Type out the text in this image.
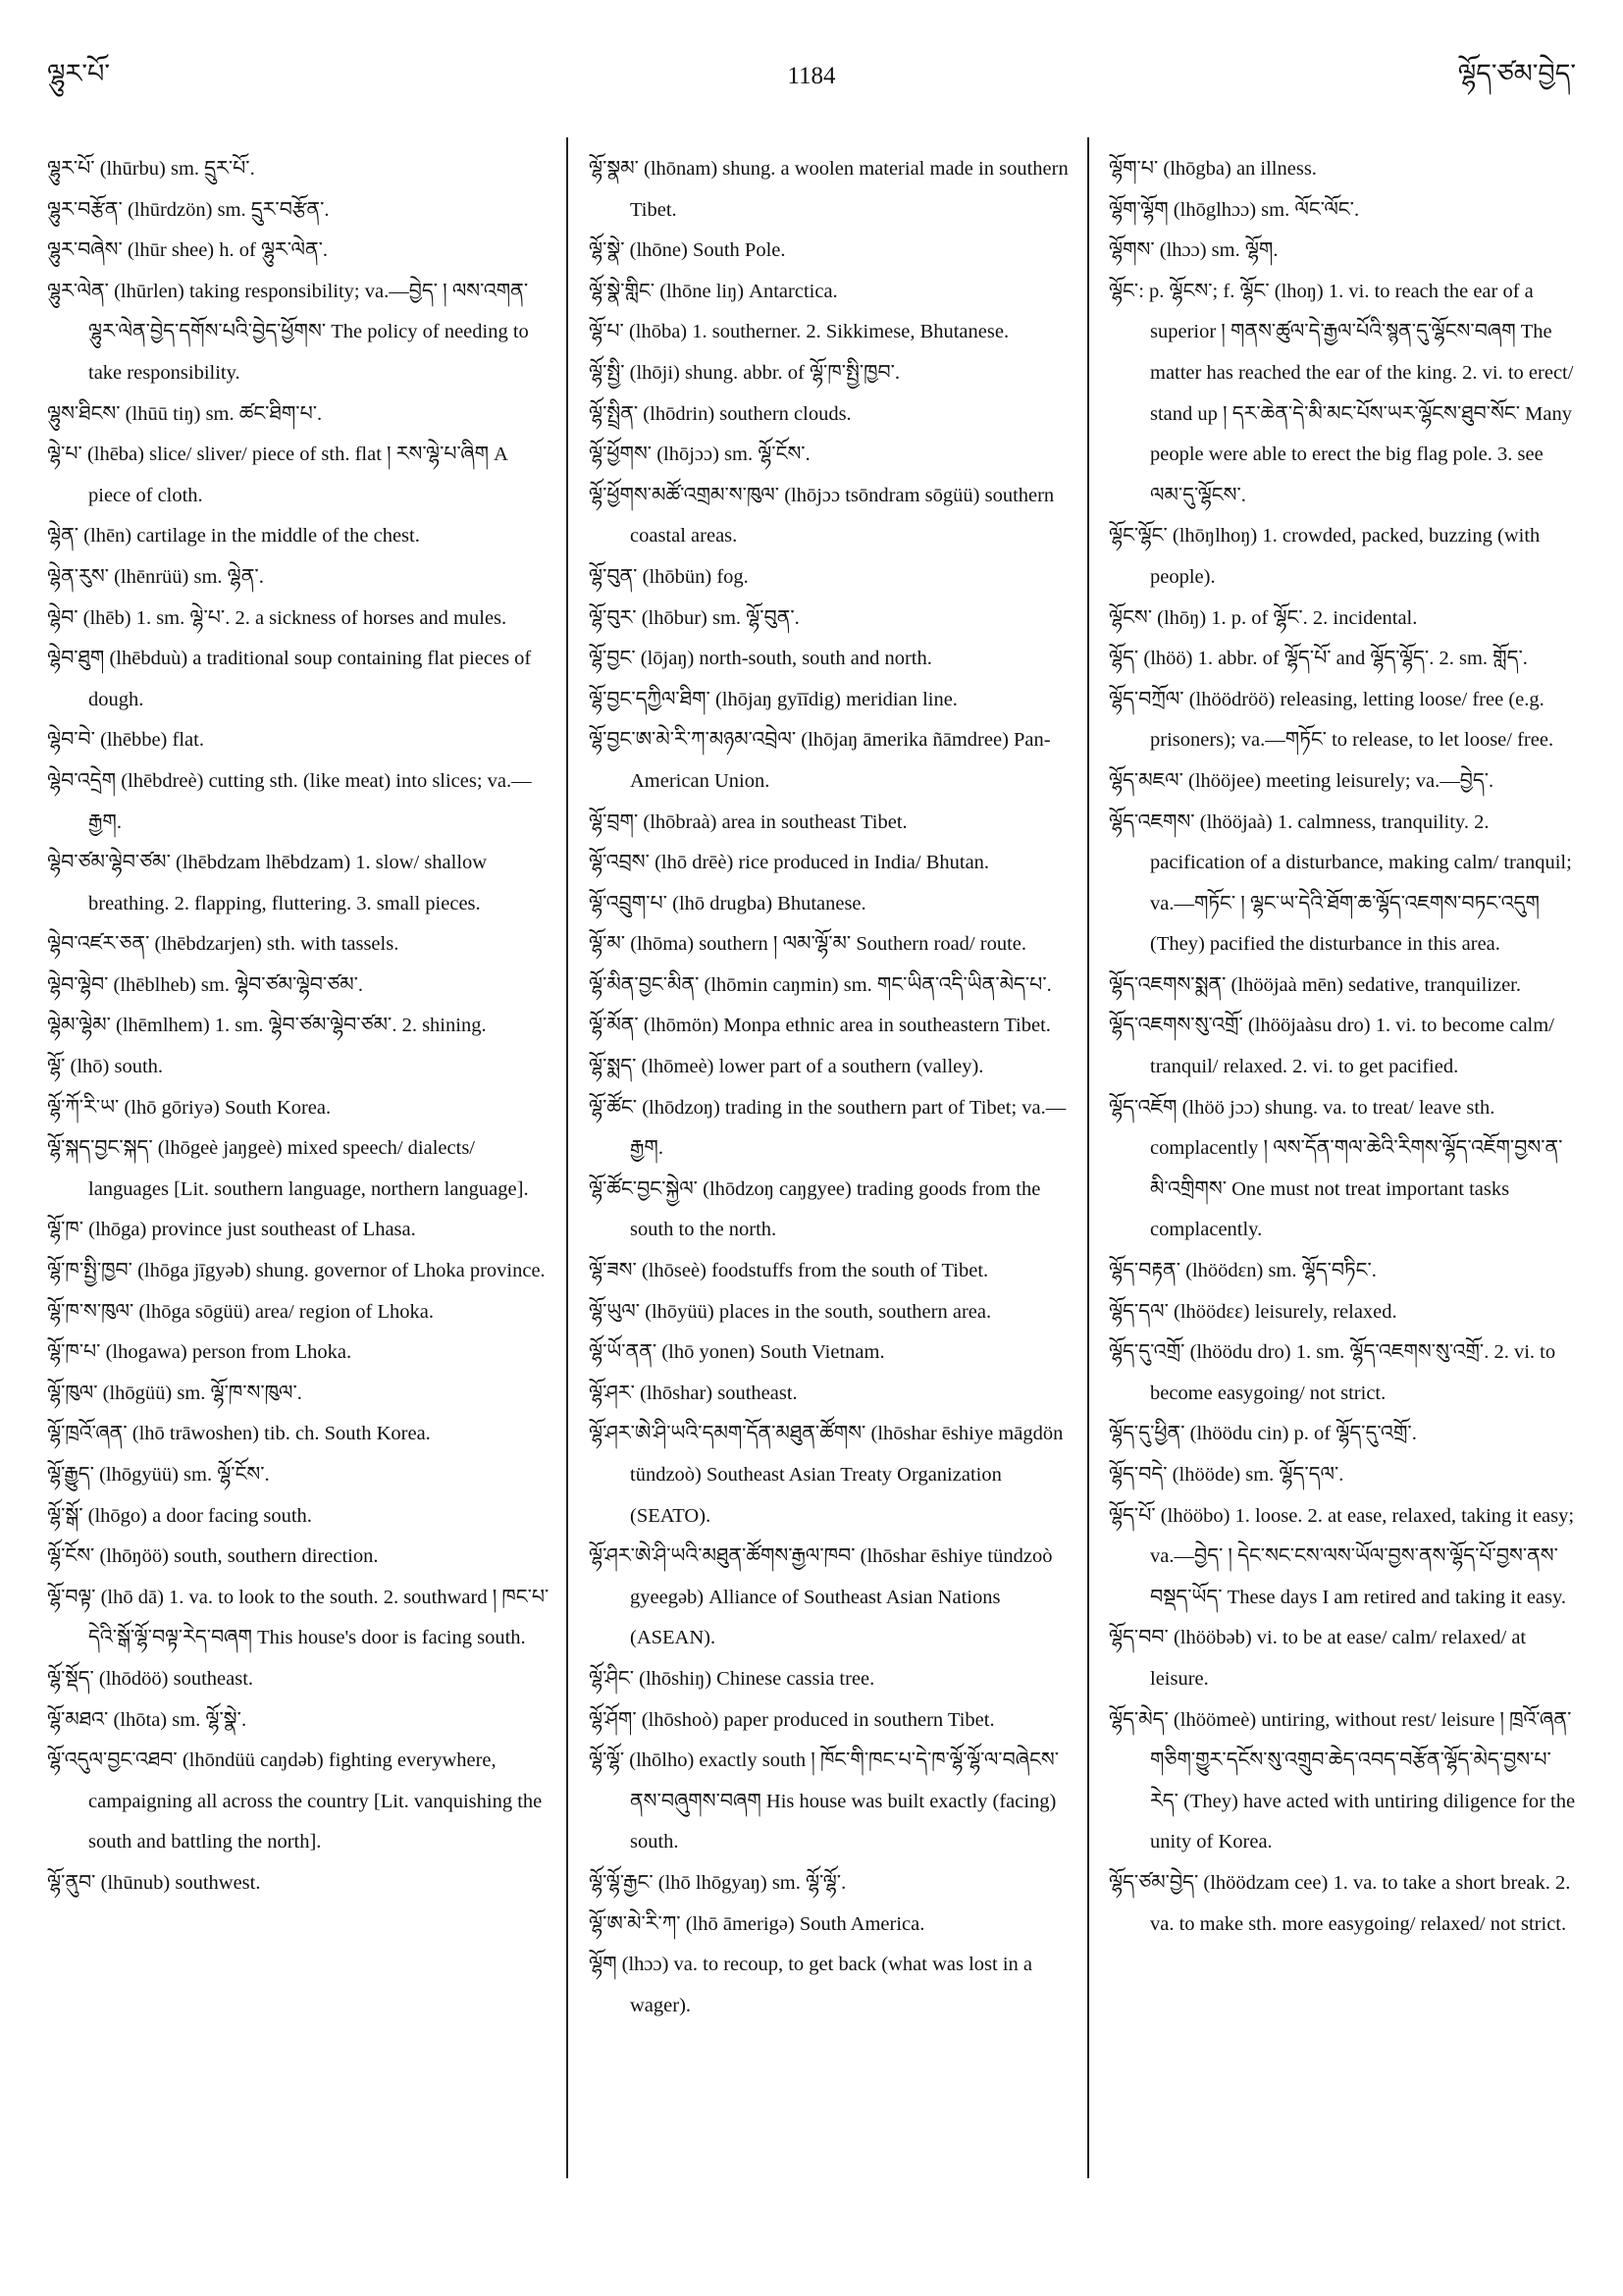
ལྷུར་པོ་	1184	ལྷོད་ཙམ་བྱེད་

ལྷུར་པོ་ (lhūrbu) sm. དྲུར་པོ་.

ལྷུར་བརྩོན་ (lhūrdzön) sm. དྲུར་བརྩོན་.

ལྷུར་བཞེས་ (lhūr shee) h. of ལྷུར་ལེན་.

ལྷུར་ལེན་ (lhūrlen) taking responsibility; va.—བྱེད་ ། ལས་འགན་ལྷུར་ལེན་བྱེད་དགོས་པའི་བྱེད་ཕྱོགས་ The policy of needing to take responsibility.

ལྷུས་ཐིངས་ (lhūū tiŋ) sm. ཚང་ཐིག་པ་.

ལྷེ་པ་ (lhēba) slice/ sliver/ piece of sth. flat ། རས་ལྷེ་པ་ཞིག A piece of cloth.

ལྷེན་ (lhēn) cartilage in the middle of the chest.

ལྷེན་རུས་ (lhēnrüü) sm. ལྷེན་.

ལྷེབ་ (lhēb) 1. sm. ལྷེ་པ་. 2. a sickness of horses and mules.

ལྷེབ་ཐུག (lhēbduù) a traditional soup containing flat pieces of dough.

ལྷེབ་བེ་ (lhēbbe) flat.

ལྷེབ་འདྲེག (lhēbdreè) cutting sth. (like meat) into slices; va.—རྒྱག.

ལྷེབ་ཙམ་ལྷེབ་ཙམ་ (lhēbdzam lhēbdzam) 1. slow/ shallow breathing. 2. flapping, fluttering. 3. small pieces.

ལྷེབ་འཛར་ཅན་ (lhēbdzarjen) sth. with tassels.

ལྷེབ་ལྷེབ་ (lhēblheb) sm. ལྷེབ་ཙམ་ལྷེབ་ཙམ་.

ལྷེམ་ལྷེམ་ (lhēmlhem) 1. sm. ལྷེབ་ཙམ་ལྷེབ་ཙམ་. 2. shining.

ལྷོ་ (lhō) south.

ལྷོ་ཀོ་རི་ཡ་ (lhō gōriyə) South Korea.

ལྷོ་སྐད་བྱང་སྐད་ (lhōgeè jaŋgeè) mixed speech/ dialects/ languages [Lit. southern language, northern language].

ལྷོ་ཁ་ (lhōga) province just southeast of Lhasa.

ལྷོ་ཁ་སྤྱི་ཁྱབ་ (lhōga jīgyəb) shung. governor of Lhoka province.

ལྷོ་ཁ་ས་ཁུལ་ (lhōga sōgüü) area/ region of Lhoka.

ལྷོ་ཁ་པ་ (lhogawa) person from Lhoka.

ལྷོ་ཁུལ་ (lhōgüü) sm. ལྷོ་ཁ་ས་ཁུལ་.

ལྷོ་ཁྲའོ་ཞན་ (lhō trāwoshen) tib. ch. South Korea.

ལྷོ་རྒྱུད་ (lhōgyüü) sm. ལྷོ་ངོས་.

ལྷོ་སྒོ་ (lhōgo) a door facing south.

ལྷོ་ངོས་ (lhōŋöö) south, southern direction.

ལྷོ་བལྟ་ (lhō dā) 1. va. to look to the south. 2. southward ། ཁང་པ་དེའི་སྒོ་ལྷོ་བལྟ་རེད་བཞག This house's door is facing south.

ལྷོ་སྡོད་ (lhōdöö) southeast.

ལྷོ་མཐའ་ (lhōta) sm. ལྷོ་སྣེ་.

ལྷོ་འདུལ་བྱང་འཐབ་ (lhōndüü caŋdəb) fighting everywhere, campaigning all across the country [Lit. vanquishing the south and battling the north].

ལྷོ་ནུབ་ (lhūnub) southwest.

ལྷོ་སྣམ་ (lhōnam) shung. a woolen material made in southern Tibet.

ལྷོ་སྣེ་ (lhōne) South Pole.

ལྷོ་སྣེ་གླིང་ (lhōne liŋ) Antarctica.

ལྷོ་པ་ (lhōba) 1. southerner. 2. Sikkimese, Bhutanese.

ལྷོ་སྤྱི་ (lhōji) shung. abbr. of ལྷོ་ཁ་སྤྱི་ཁྱབ་.

ལྷོ་སྤྲིན་ (lhōdrin) southern clouds.

ལྷོ་ཕྱོགས་ (lhōjɔɔ) sm. ལྷོ་ངོས་.

ལྷོ་ཕྱོགས་མཚོ་འགྲམ་ས་ཁུལ་ (lhōjɔɔ tsōndram sōgüü) southern coastal areas.

ལྷོ་བུན་ (lhōbün) fog.

ལྷོ་བུར་ (lhōbur) sm. ལྷོ་བུན་.

ལྷོ་བྱང་ (lōjaŋ) north-south, south and north.

ལྷོ་བྱང་དཀྱིལ་ཐིག་ (lhōjaŋ gyīīdig) meridian line.

ལྷོ་བྱང་ཨ་མེ་རི་ཀ་མཉམ་འབྲེལ་ (lhōjaŋ āmerika ñāmdree) Pan-American Union.

ལྷོ་བྲག་ (lhōbraà) area in southeast Tibet.

ལྷོ་འབྲས་ (lhō drēè) rice produced in India/ Bhutan.

ལྷོ་འབྲུག་པ་ (lhō drugba) Bhutanese.

ལྷོ་མ་ (lhōma) southern ། ལམ་ལྷོ་མ་ Southern road/ route.

ལྷོ་མིན་བྱང་མིན་ (lhōmin caŋmin) sm. གང་ཡིན་འདི་ཡིན་མེད་པ་.

ལྷོ་མོན་ (lhōmön) Monpa ethnic area in southeastern Tibet.

ལྷོ་སྨད་ (lhōmeè) lower part of a southern (valley).

ལྷོ་ཚོང་ (lhōdzoŋ) trading in the southern part of Tibet; va.—རྒྱག.

ལྷོ་ཚོང་བྱང་སྐྱེལ་ (lhōdzoŋ caŋgyee) trading goods from the south to the north.

ལྷོ་ཟས་ (lhōseè) foodstuffs from the south of Tibet.

ལྷོ་ཡུལ་ (lhōyüü) places in the south, southern area.

ལྷོ་ཡོ་ནན་ (lhō yonen) South Vietnam.

ལྷོ་ཤར་ (lhōshar) southeast.

ལྷོ་ཤར་ཨེ་ཤི་ཡའི་དམག་དོན་མཐུན་ཚོགས་ (lhōshar ēshiye māgdön tündzoò) Southeast Asian Treaty Organization (SEATO).

ལྷོ་ཤར་ཨེ་ཤི་ཡའི་མཐུན་ཚོགས་རྒྱལ་ཁབ་ (lhōshar ēshiye tündzoò gyeegəb) Alliance of Southeast Asian Nations (ASEAN).

ལྷོ་ཤིང་ (lhōshiŋ) Chinese cassia tree.

ལྷོ་ཤོག་ (lhōshoò) paper produced in southern Tibet.

ལྷོ་ལྷོ་ (lhōlho) exactly south ། ཁོང་གི་ཁང་པ་དེ་ཁ་ལྷོ་ལྷོ་ལ་བཞེངས་ནས་བཞུགས་བཞག His house was built exactly (facing) south.

ལྷོ་ལྷོ་རྒྱང་ (lhō lhōgyaŋ) sm. ལྷོ་ལྷོ་.

ལྷོ་ཨ་མེ་རི་ཀ་ (lhō āmerigə) South America.

ལྷོག (lhɔɔ) va. to recoup, to get back (what was lost in a wager).

ལྷོག་པ་ (lhōgba) an illness.

ལྷོག་ལྷོག (lhōglhɔɔ) sm. ལོང་ལོང་.

ལྷོགས་ (lhɔɔ) sm. ལྷོག.

ལྷོང་: p. ལྷོངས་; f. ལྷོང་ (lhoŋ) 1. vi. to reach the ear of a superior ། གནས་ཚུལ་དེ་རྒྱལ་པོའི་སྙན་དུ་ལྷོངས་བཞག The matter has reached the ear of the king. 2. vi. to erect/ stand up ། དར་ཆེན་དེ་མི་མང་པོས་ཡར་ལྷོངས་ཐུབ་སོང་ Many people were able to erect the big flag pole. 3. see ལམ་དུ་ལྷོངས་.

ལྷོང་ལྷོང་ (lhōŋlhoŋ) 1. crowded, packed, buzzing (with people).

ལྷོངས་ (lhōŋ) 1. p. of ལྷོང་. 2. incidental.

ལྷོད་ (lhöö) 1. abbr. of ལྷོད་པོ་ and ལྷོད་ལྷོད་. 2. sm. གློད་.

ལྷོད་བཀྲོལ་ (lhöödröö) releasing, letting loose/ free (e.g. prisoners); va.—གཏོང་ to release, to let loose/ free.

ལྷོད་མཇལ་ (lhööjee) meeting leisurely; va.—བྱེད་.

ལྷོད་འཇགས་ (lhööjaà) 1. calmness, tranquility. 2. pacification of a disturbance, making calm/ tranquil; va.—གཏོང་ ། ལྷང་ཡ་དེའི་ཐོག་ཆ་ལྷོད་འཇགས་བཏང་འདུག (They) pacified the disturbance in this area.

ལྷོད་འཇགས་སྨན་ (lhööjaà mēn) sedative, tranquilizer.

ལྷོད་འཇགས་སུ་འགྲོ་ (lhööjaàsu dro) 1. vi. to become calm/ tranquil/ relaxed. 2. vi. to get pacified.

ལྷོད་འཇོག (lhöö jɔɔ) shung. va. to treat/ leave sth. complacently ། ལས་དོན་གལ་ཆེའི་རིགས་ལྷོད་འཇོག་བྱས་ན་མི་འགྲིགས་ One must not treat important tasks complacently.

ལྷོད་བརྟན་ (lhöödɛn) sm. ལྷོད་བཏིང་.

ལྷོད་དལ་ (lhöödɛɛ) leisurely, relaxed.

ལྷོད་དུ་འགྲོ་ (lhöödu dro) 1. sm. ལྷོད་འཇགས་སུ་འགྲོ་. 2. vi. to become easygoing/ not strict.

ལྷོད་དུ་ཕྱིན་ (lhöödu cin) p. of ལྷོད་དུ་འགྲོ་.

ལྷོད་བདེ་ (lhööde) sm. ལྷོད་དལ་.

ལྷོད་པོ་ (lhööbo) 1. loose. 2. at ease, relaxed, taking it easy; va.—བྱེད་ ། དེང་སང་ངས་ལས་ཡོལ་བྱས་ནས་ལྷོད་པོ་བྱས་ནས་བསྡད་ཡོད་ These days I am retired and taking it easy.

ལྷོད་བབ་ (lhööbəb) vi. to be at ease/ calm/ relaxed/ at leisure.

ལྷོད་མེད་ (lhöömeè) untiring, without rest/ leisure ། ཁྲའོ་ཞན་གཅིག་གྱུར་དངོས་སུ་འགྲུབ་ཆེད་འབད་བརྩོན་ལྷོད་མེད་བྱས་པ་རེད་ (They) have acted with untiring diligence for the unity of Korea.

ལྷོད་ཙམ་བྱེད་ (lhöödzam cee) 1. va. to take a short break. 2. va. to make sth. more easygoing/ relaxed/ not strict.
